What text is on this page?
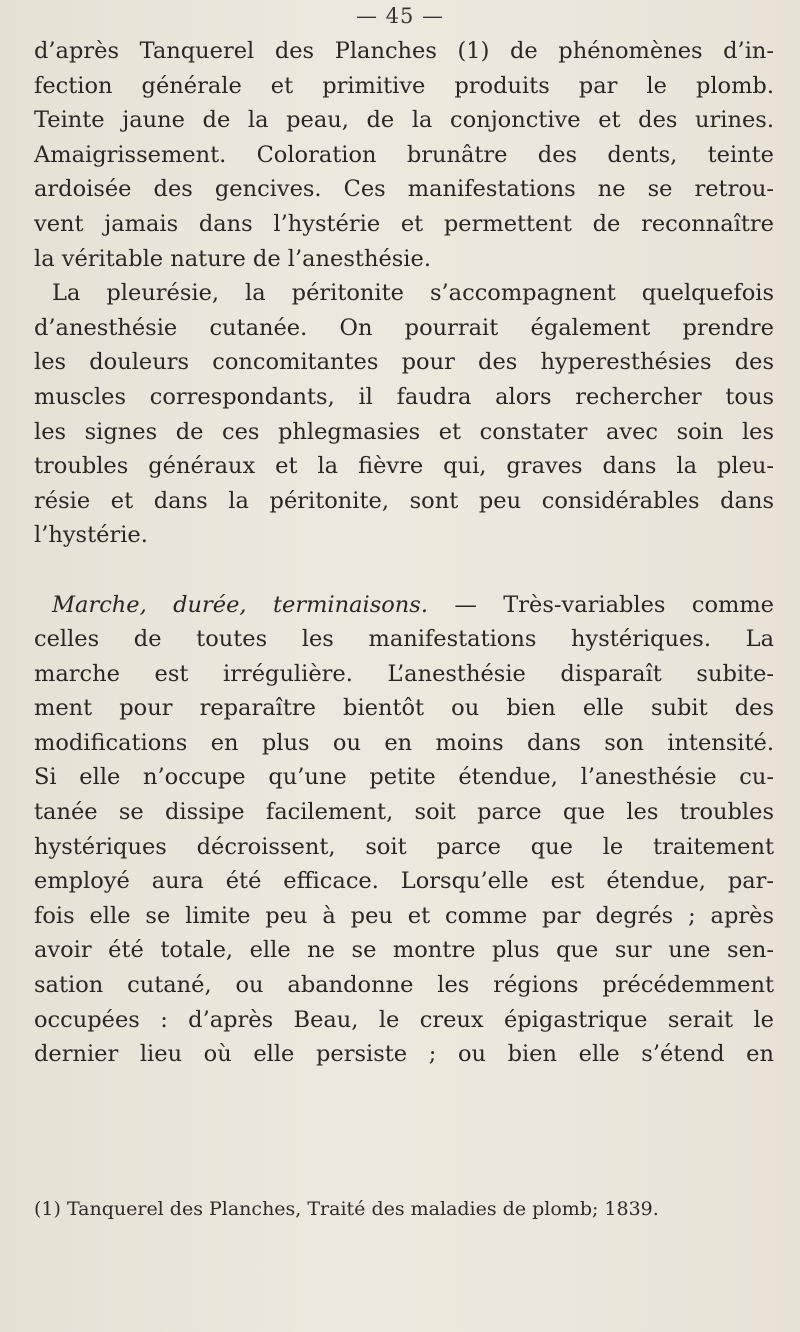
— 45 —
d’après Tanquerel des Planches (1) de phénomènes d’in-
fection générale et primitive produits par le plomb.
Teinte jaune de la peau, de la conjonctive et des urines.
Amaigrissement. Coloration brunâtre des dents, teinte
ardoisée des gencives. Ces manifestations ne se retrou-
vent jamais dans l’hystérie et permettent de reconnaître
la véritable nature de l’anesthésie.
La pleurésie, la péritonite s’accompagnent quelquefois
d’anesthésie cutanée. On pourrait également prendre
les douleurs concomitantes pour des hyperesthésies des
muscles correspondants, il faudra alors rechercher tous
les signes de ces phlegmasies et constater avec soin les
troubles généraux et la fièvre qui, graves dans la pleu-
résie et dans la péritonite, sont peu considérables dans
l’hystérie.
Marche, durée, terminaisons. — Très-variables comme
celles de toutes les manifestations hystériques. La
marche est irrégulière. L’anesthésie disparaît subite-
ment pour reparaître bientôt ou bien elle subit des
modifications en plus ou en moins dans son intensité.
Si elle n’occupe qu’une petite étendue, l’anesthésie cu-
tanée se dissipe facilement, soit parce que les troubles
hystériques décroissent, soit parce que le traitement
employé aura été efficace. Lorsqu’elle est étendue, par-
fois elle se limite peu à peu et comme par degrés ; après
avoir été totale, elle ne se montre plus que sur une sen-
sation cutané, ou abandonne les régions précédemment
occupées : d’après Beau, le creux épigastrique serait le
dernier lieu où elle persiste ; ou bien elle s’étend en
(1) Tanquerel des Planches, Traité des maladies de plomb; 1839.
